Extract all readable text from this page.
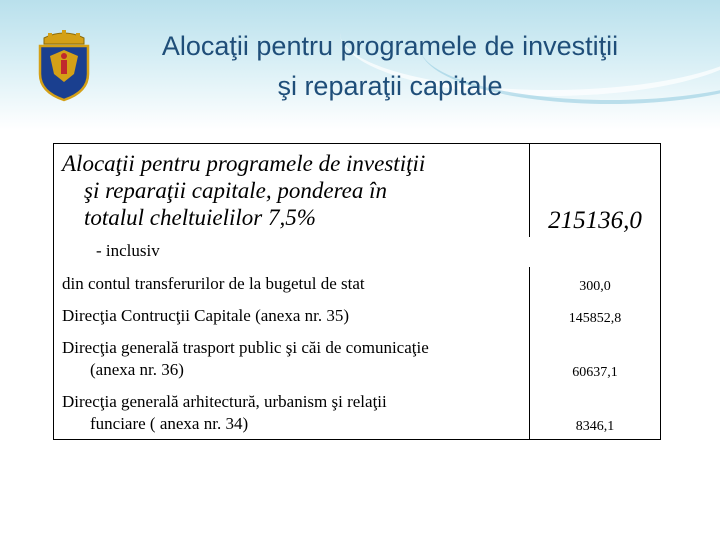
Alocaţii pentru programele de investiţii
şi reparaţii capitale
Alocaţii pentru programele de investiţii
şi reparaţii capitale, ponderea în
totalul cheltuielilor 7,5%	215136,0
- inclusiv	

din contul transferurilor de la bugetul de stat	300,0

Direcţia Contrucţii Capitale (anexa nr. 35)	145852,8

Direcţia generală trasport public şi căi de comunicaţie
(anexa nr. 36)	60637,1

Direcţia generală arhitectură, urbanism şi relaţii
funciare ( anexa nr. 34)	8346,1
